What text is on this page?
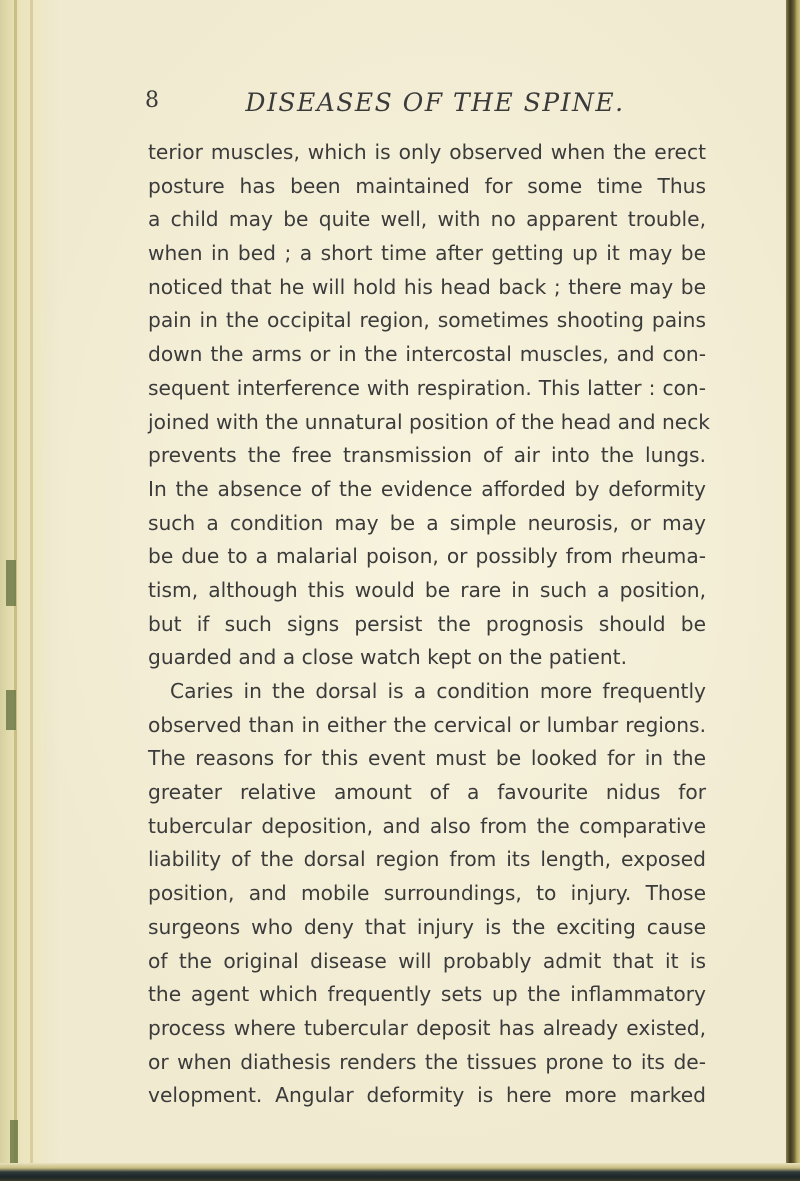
8	DISEASES OF THE SPINE.
terior muscles, which is only observed when the erect
posture has been maintained for some time Thus
a child may be quite well, with no apparent trouble,
when in bed ; a short time after getting up it may be
noticed that he will hold his head back ; there may be
pain in the occipital region, sometimes shooting pains
down the arms or in the intercostal muscles, and con-
sequent interference with respiration. This latter : con-
joined with the unnatural position of the head and neck
prevents the free transmission of air into the lungs.
In the absence of the evidence afforded by deformity
such a condition may be a simple neurosis, or may
be due to a malarial poison, or possibly from rheuma-
tism, although this would be rare in such a position,
but if such signs persist the prognosis should be
guarded and a close watch kept on the patient.
Caries in the dorsal is a condition more frequently
observed than in either the cervical or lumbar regions.
The reasons for this event must be looked for in the
greater relative amount of a favourite nidus for
tubercular deposition, and also from the comparative
liability of the dorsal region from its length, exposed
position, and mobile surroundings, to injury. Those
surgeons who deny that injury is the exciting cause
of the original disease will probably admit that it is
the agent which frequently sets up the inflammatory
process where tubercular deposit has already existed,
or when diathesis renders the tissues prone to its de-
velopment. Angular deformity is here more marked
